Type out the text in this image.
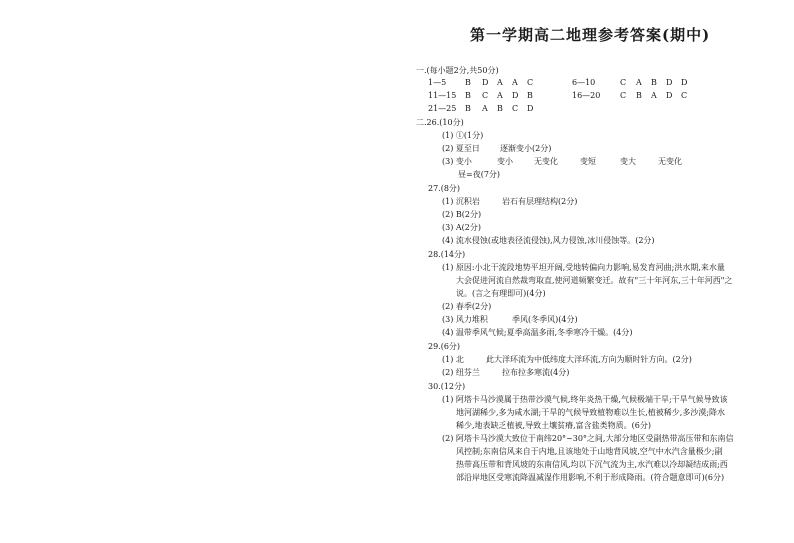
第一学期高二地理参考答案(期中)
一.(每小题2分,共50分)
1—5 B D A A C	6—10	C A B D D
11—15 B C A D B	16—20 C B A D C
21—25 B A B C D
二.26.(10分)
(1) ①(1分)
(2) 夏至日	逐渐变小(2分)
(3) 变小	变小	无变化	变短	变大	无变化
昼=夜(7分)
27.(8分)
(1) 沉积岩	岩石有层理结构(2分)
(2) B(2分)
(3) A(2分)
(4) 流水侵蚀(或地表径流侵蚀),风力侵蚀,冰川侵蚀等。(2分)
28.(14分)
(1) 原因:小北干流段地势平坦开阔,受地转偏向力影响,易发育河曲;洪水期,来水量
大会促进河流自然裁弯取直,使河道频繁变迁。故有"三十年河东,三十年河西"之
说。(言之有理即可)(4分)
(2) 春季(2分)
(3) 风力堆积	季风(冬季风)(4分)
(4) 温带季风气候;夏季高温多雨,冬季寒冷干燥。(4分)
29.(6分)
(1) 北	此大洋环流为中低纬度大洋环流,方向为顺时针方向。(2分)
(2) 纽芬兰	拉布拉多寒流(4分)
30.(12分)
(1) 阿塔卡马沙漠属于热带沙漠气候,终年炎热干燥,气候极端干旱;干旱气候导致该
地河湖稀少,多为咸水湖;干旱的气候导致植物难以生长,植被稀少,多沙漠;降水
稀少,地表缺乏植被,导致土壤贫瘠,富含盐类物质。(6分)
(2) 阿塔卡马沙漠大致位于南纬20°~30°之间,大部分地区受副热带高压带和东南信
风控制;东南信风来自于内地,且该地处于山地背风坡,空气中水汽含量极少;副
热带高压带和背风坡的东南信风,均以下沉气流为主,水汽难以冷却凝结成雨;西
部沿岸地区受寒流降温减湿作用影响,不利于形成降雨。(符合题意即可)(6分)
